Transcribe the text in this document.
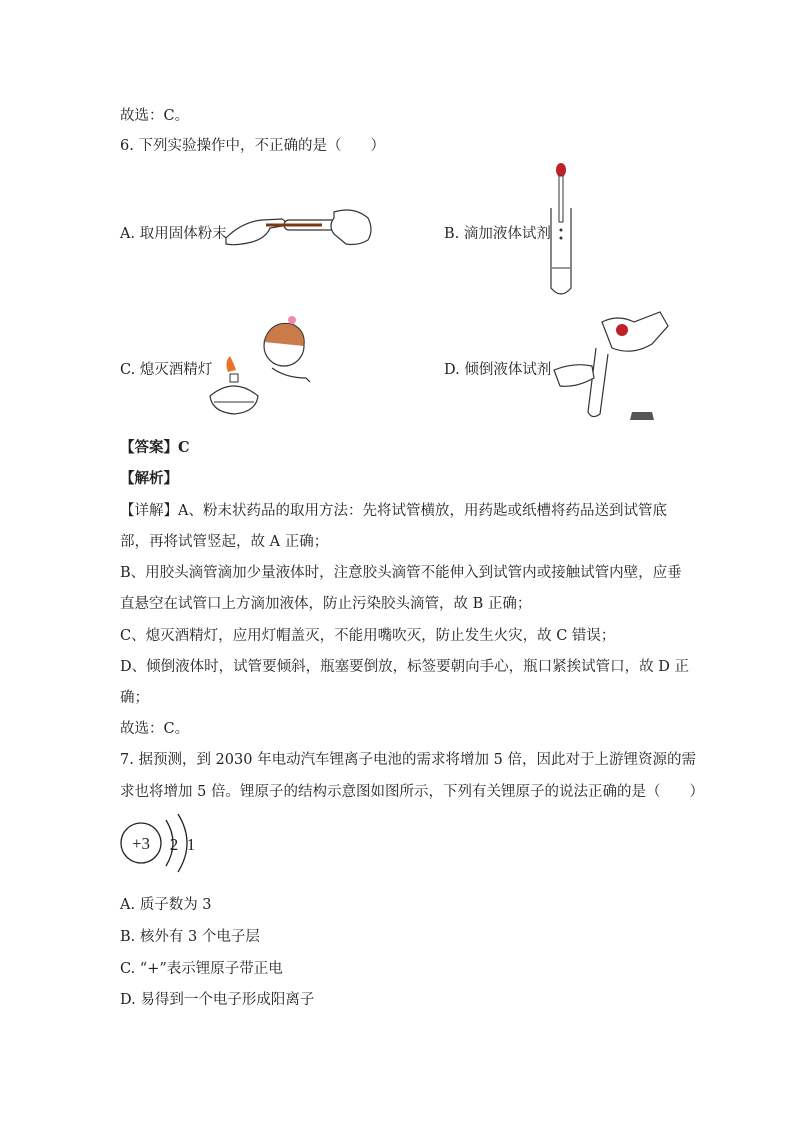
故选：C。
6. 下列实验操作中，不正确的是（　　）
A. 取用固体粉末	B. 滴加液体试剂
C. 熄灭酒精灯	D. 倾倒液体试剂
【答案】C
【解析】
【详解】A、粉末状药品的取用方法：先将试管横放，用药匙或纸槽将药品送到试管底
部，再将试管竖起，故 A 正确；
B、用胶头滴管滴加少量液体时，注意胶头滴管不能伸入到试管内或接触试管内壁，应垂
直悬空在试管口上方滴加液体，防止污染胶头滴管，故 B 正确；
C、熄灭酒精灯，应用灯帽盖灭，不能用嘴吹灭，防止发生火灾，故 C 错误；
D、倾倒液体时，试管要倾斜，瓶塞要倒放，标签要朝向手心，瓶口紧挨试管口，故 D 正
确；
故选：C。
7. 据预测，到 2030 年电动汽车锂离子电池的需求将增加 5 倍，因此对于上游锂资源的需
求也将增加 5 倍。锂原子的结构示意图如图所示，下列有关锂原子的说法正确的是（　　）
+3 2 1
A. 质子数为 3
B. 核外有 3 个电子层
C. “+”表示锂原子带正电
D. 易得到一个电子形成阳离子
